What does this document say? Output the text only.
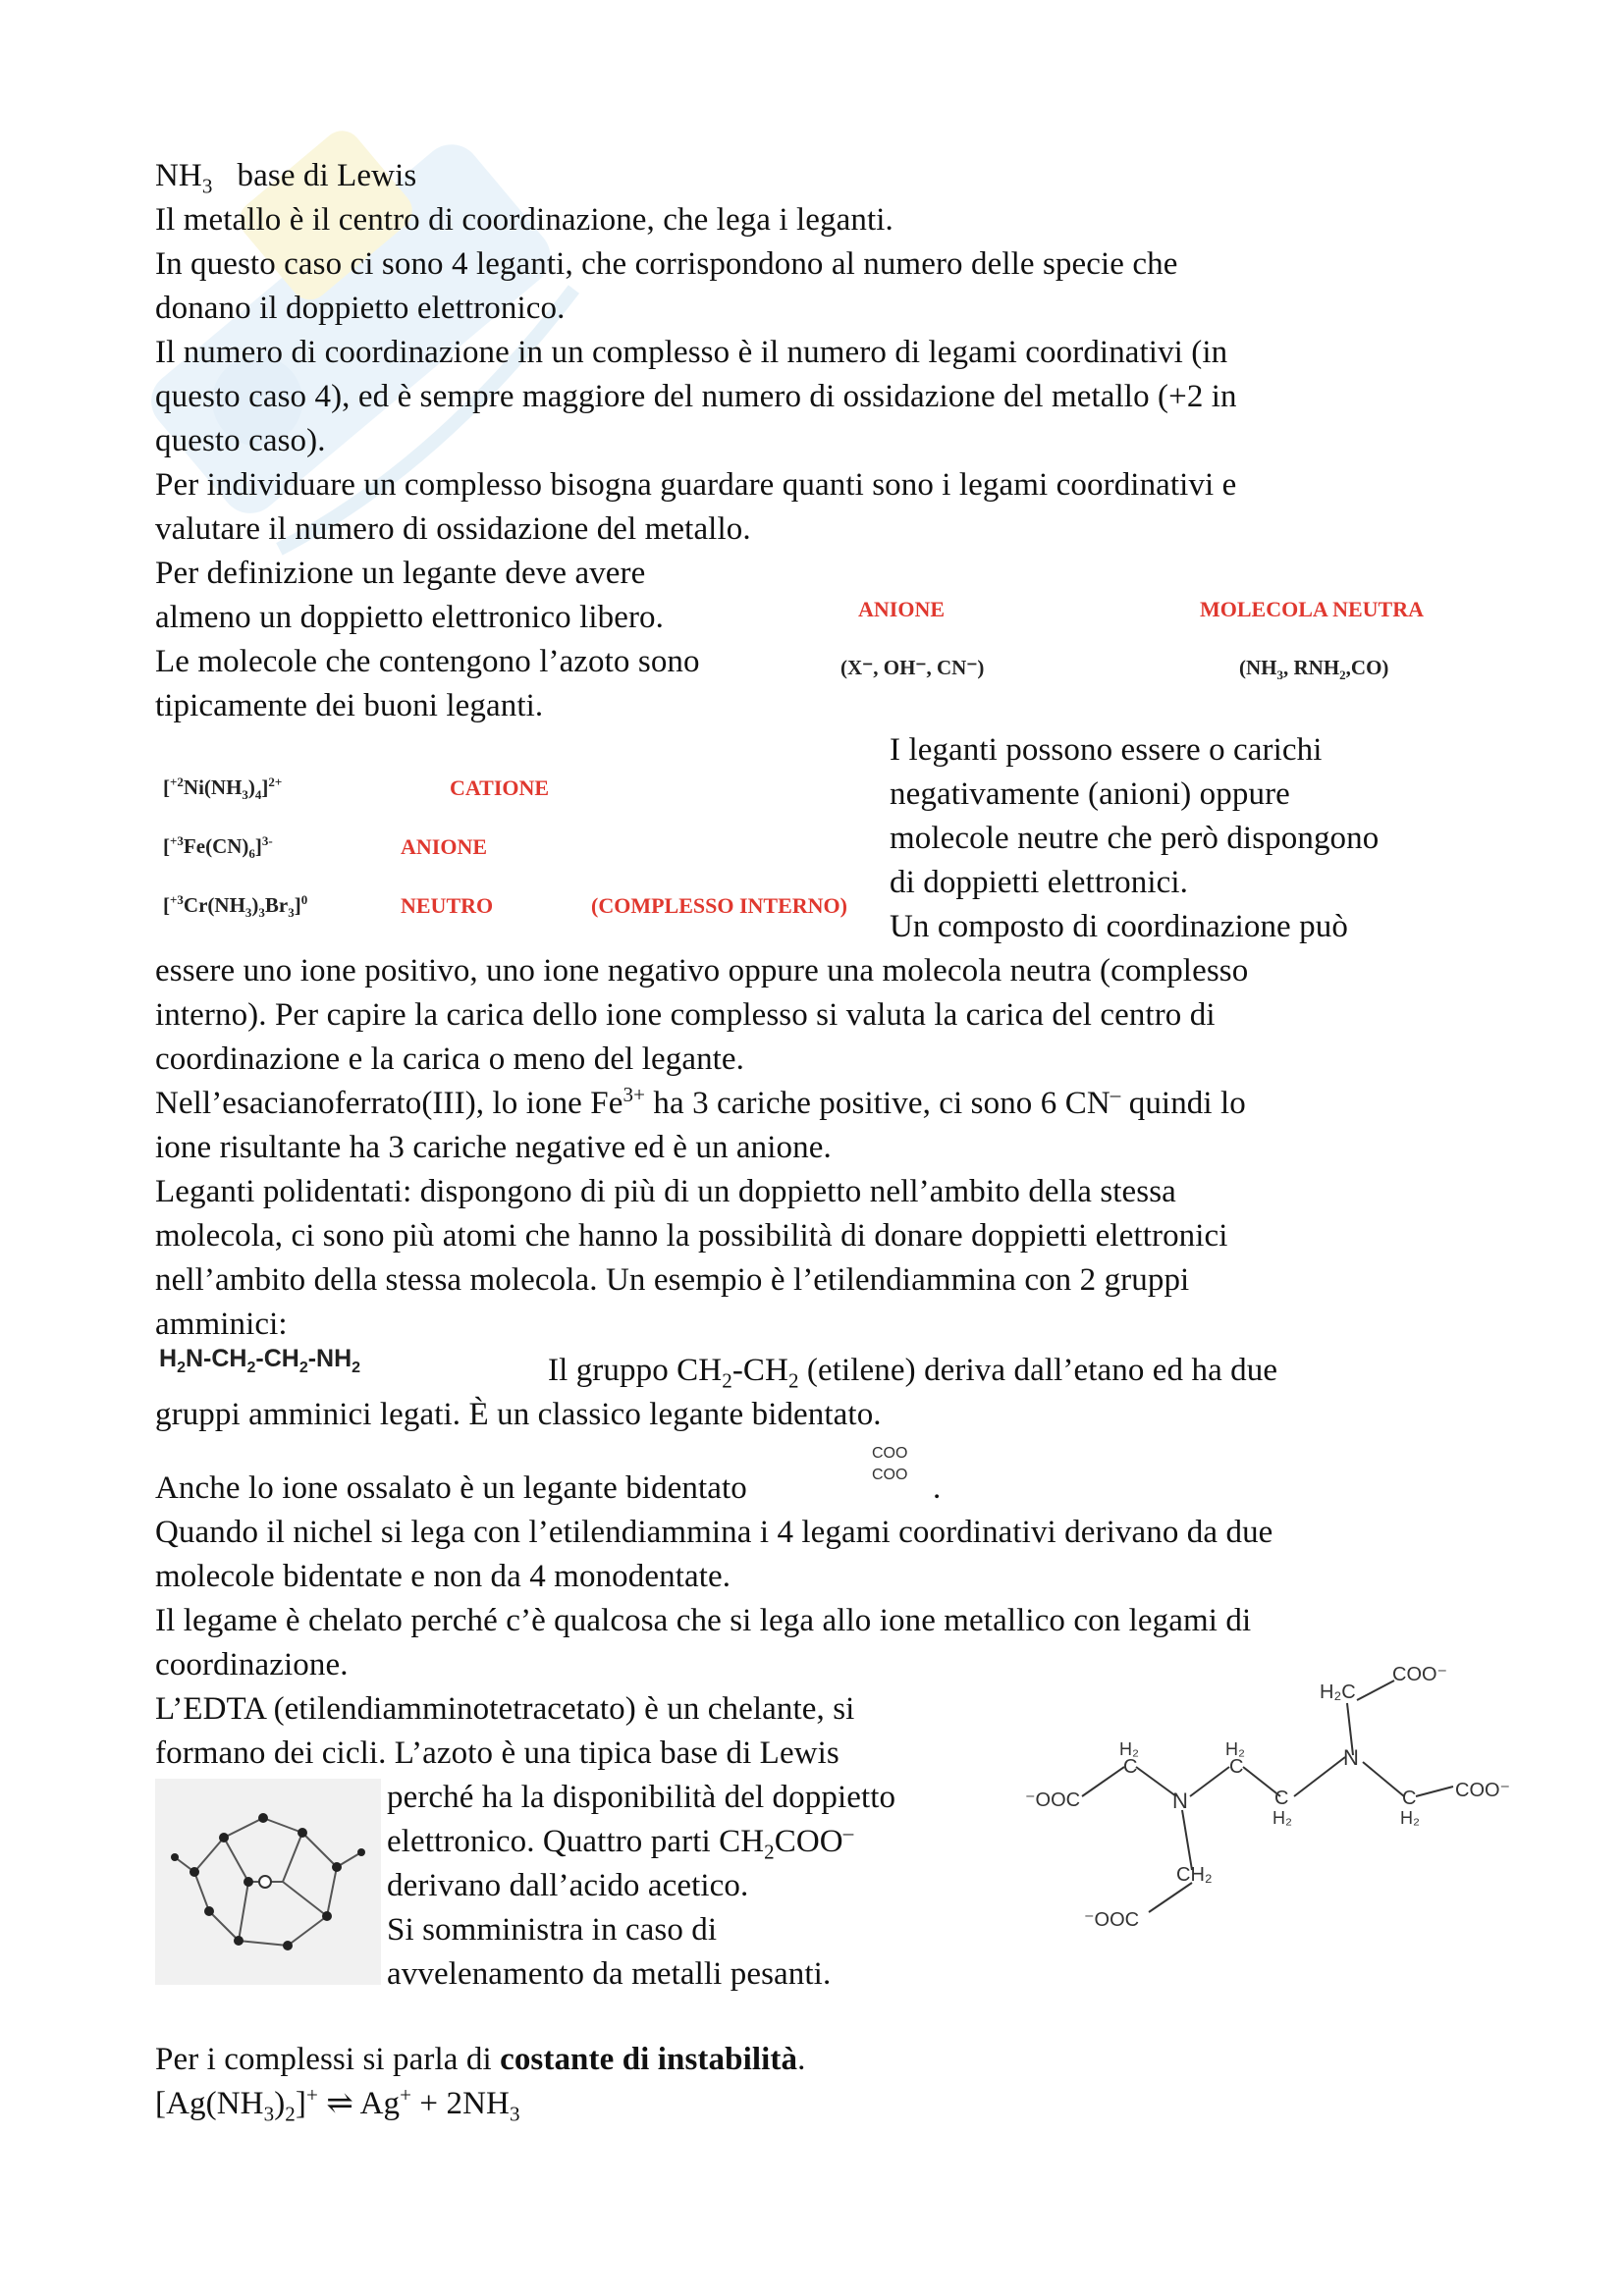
$NH_3$ base di Lewis
Il metallo è il centro di coordinazione, che lega i leganti.
In questo caso ci sono 4 leganti, che corrispondono al numero delle specie che
donano il doppietto elettronico.
Il numero di coordinazione in un complesso è il numero di legami coordinativi (in
questo caso 4), ed è sempre maggiore del numero di ossidazione del metallo (+2 in
questo caso).
Per individuare un complesso bisogna guardare quanti sono i legami coordinativi e
valutare il numero di ossidazione del metallo.
Per definizione un legante deve avere
almeno un doppietto elettronico libero.
Le molecole che contengono l’azoto sono
tipicamente dei buoni leganti.
ANIONE	MOLECOLA NEUTRA
(X⁻, OH⁻, CN⁻)	($NH_3$, $RNH_2,CO$)
$[^{+2}Ni(NH_3)_4]^{2+}$	CATIONE
$[^{+3}Fe(CN)_6]^{3-}$	ANIONE
$[^{+3}Cr(NH_3)_3Br_3]^0$	NEUTRO	(COMPLESSO INTERNO)
I leganti possono essere o carichi
negativamente (anioni) oppure
molecole neutre che però dispongono
di doppietti elettronici.
Un composto di coordinazione può
essere uno ione positivo, uno ione negativo oppure una molecola neutra (complesso
interno). Per capire la carica dello ione complesso si valuta la carica del centro di
coordinazione e la carica o meno del legante.
Nell’esacianoferrato(III), lo ione $Fe^{3+}$ ha 3 cariche positive, ci sono 6 CN– quindi lo
ione risultante ha 3 cariche negative ed è un anione.
Leganti polidentati: dispongono di più di un doppietto nell’ambito della stessa
molecola, ci sono più atomi che hanno la possibilità di donare doppietti elettronici
nell’ambito della stessa molecola. Un esempio è l’etilendiammina con 2 gruppi
amminici:
$H_2N-CH_2-CH_2-NH_2$	Il gruppo $CH_2-CH_2$ (etilene) deriva dall’etano ed ha due
gruppi amminici legati. È un classico legante bidentato.
Anche lo ione ossalato è un legante bidentato
COO
COO .
Quando il nichel si lega con l’etilendiammina i 4 legami coordinativi derivano da due
molecole bidentate e non da 4 monodentate.
Il legame è chelato perché c’è qualcosa che si lega allo ione metallico con legami di
coordinazione.
L’EDTA (etilendiamminotetracetato) è un chelante, si
formano dei cicli. L’azoto è una tipica base di Lewis
perché ha la disponibilità del doppietto
elettronico. Quattro parti $CH_2COO^-$
derivano dall’acido acetico.
Si somministra in caso di
avvelenamento da metalli pesanti.
⁻OOC
H₂
C
N
H₂
C
C
H₂
N
H₂C
COO⁻
C
H₂
COO⁻
CH₂
⁻OOC
Per i complessi si parla di costante di instabilità.
$[Ag(NH_3)_2]^+$ ⇌ $Ag^+ + 2NH_3$
